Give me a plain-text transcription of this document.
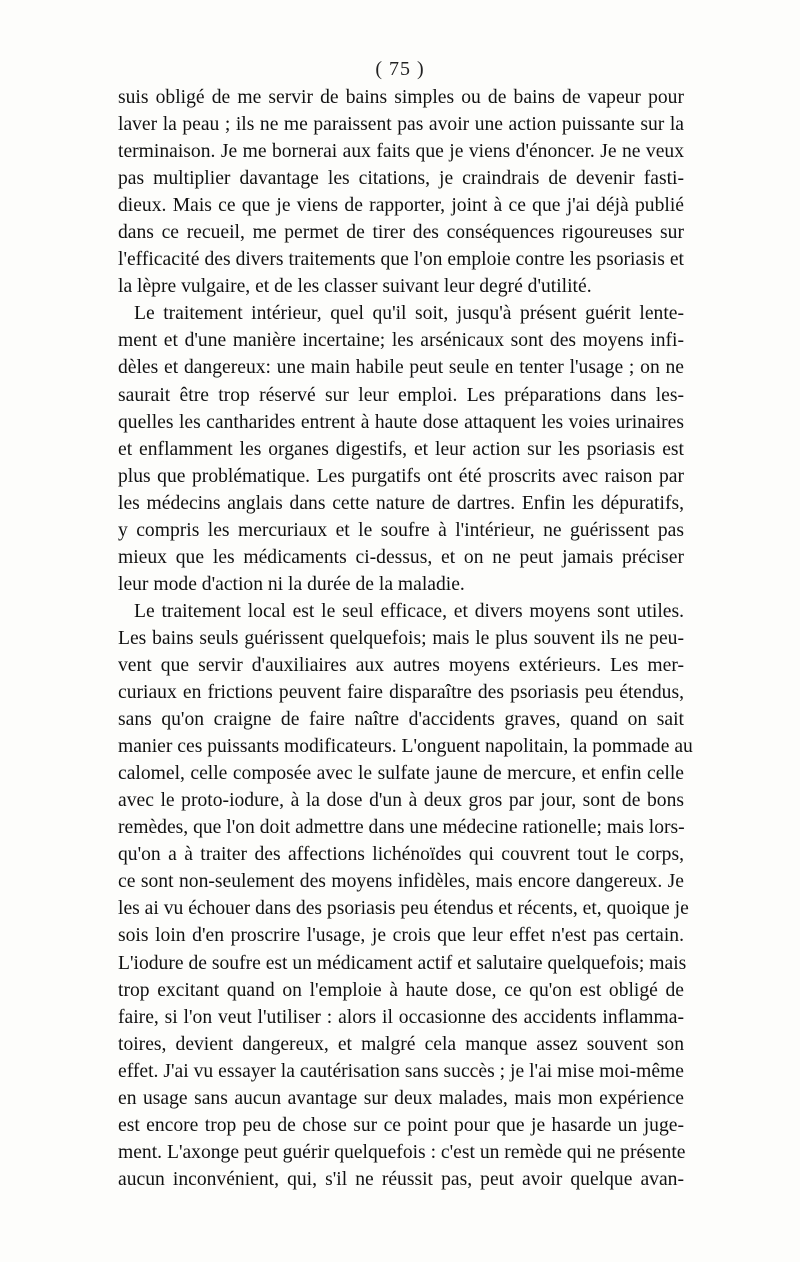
( 75 )
suis obligé de me servir de bains simples ou de bains de vapeur pour
laver la peau ; ils ne me paraissent pas avoir une action puissante sur la
terminaison. Je me bornerai aux faits que je viens d'énoncer. Je ne veux
pas multiplier davantage les citations, je craindrais de devenir fasti-
dieux. Mais ce que je viens de rapporter, joint à ce que j'ai déjà publié
dans ce recueil, me permet de tirer des conséquences rigoureuses sur
l'efficacité des divers traitements que l'on emploie contre les psoriasis et
la lèpre vulgaire, et de les classer suivant leur degré d'utilité.
Le traitement intérieur, quel qu'il soit, jusqu'à présent guérit lente-
ment et d'une manière incertaine; les arsénicaux sont des moyens infi-
dèles et dangereux: une main habile peut seule en tenter l'usage ; on ne
saurait être trop réservé sur leur emploi. Les préparations dans les-
quelles les cantharides entrent à haute dose attaquent les voies urinaires
et enflamment les organes digestifs, et leur action sur les psoriasis est
plus que problématique. Les purgatifs ont été proscrits avec raison par
les médecins anglais dans cette nature de dartres. Enfin les dépuratifs,
y compris les mercuriaux et le soufre à l'intérieur, ne guérissent pas
mieux que les médicaments ci-dessus, et on ne peut jamais préciser
leur mode d'action ni la durée de la maladie.
Le traitement local est le seul efficace, et divers moyens sont utiles.
Les bains seuls guérissent quelquefois; mais le plus souvent ils ne peu-
vent que servir d'auxiliaires aux autres moyens extérieurs. Les mer-
curiaux en frictions peuvent faire disparaître des psoriasis peu étendus,
sans qu'on craigne de faire naître d'accidents graves, quand on sait
manier ces puissants modificateurs. L'onguent napolitain, la pommade au
calomel, celle composée avec le sulfate jaune de mercure, et enfin celle
avec le proto-iodure, à la dose d'un à deux gros par jour, sont de bons
remèdes, que l'on doit admettre dans une médecine rationelle; mais lors-
qu'on a à traiter des affections lichénoïdes qui couvrent tout le corps,
ce sont non-seulement des moyens infidèles, mais encore dangereux. Je
les ai vu échouer dans des psoriasis peu étendus et récents, et, quoique je
sois loin d'en proscrire l'usage, je crois que leur effet n'est pas certain.
L'iodure de soufre est un médicament actif et salutaire quelquefois; mais
trop excitant quand on l'emploie à haute dose, ce qu'on est obligé de
faire, si l'on veut l'utiliser : alors il occasionne des accidents inflamma-
toires, devient dangereux, et malgré cela manque assez souvent son
effet. J'ai vu essayer la cautérisation sans succès ; je l'ai mise moi-même
en usage sans aucun avantage sur deux malades, mais mon expérience
est encore trop peu de chose sur ce point pour que je hasarde un juge-
ment. L'axonge peut guérir quelquefois : c'est un remède qui ne présente
aucun inconvénient, qui, s'il ne réussit pas, peut avoir quelque avan-
